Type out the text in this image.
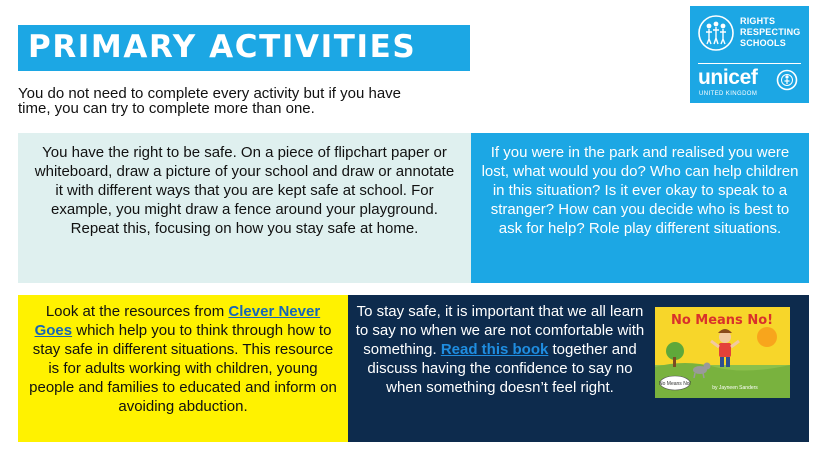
PRIMARY ACTIVITIES
You do not need to complete every activity but if you have time, you can try to complete more than one.
RIGHTS
RESPECTING
SCHOOLS
unicef
UNITED KINGDOM

You have the right to be safe. On a piece of flipchart paper or whiteboard, draw a picture of your school and draw or annotate it with different ways that you are kept safe at school. For example, you might draw a fence around your playground. Repeat this, focusing on how you stay safe at home.

If you were in the park and realised you were lost, what would you do? Who can help children in this situation? Is it ever okay to speak to a stranger? How can you decide who is best to ask for help? Role play different situations.

Look at the resources from Clever Never Goes which help you to think through how to stay safe in different situations. This resource is for adults working with children, young people and families to educated and inform on avoiding abduction.

To stay safe, it is important that we all learn to say no when we are not comfortable with something. Read this book together and discuss having the confidence to say no when something doesn’t feel right.
No Means No!
No Means No!
by Jayneen Sanders
